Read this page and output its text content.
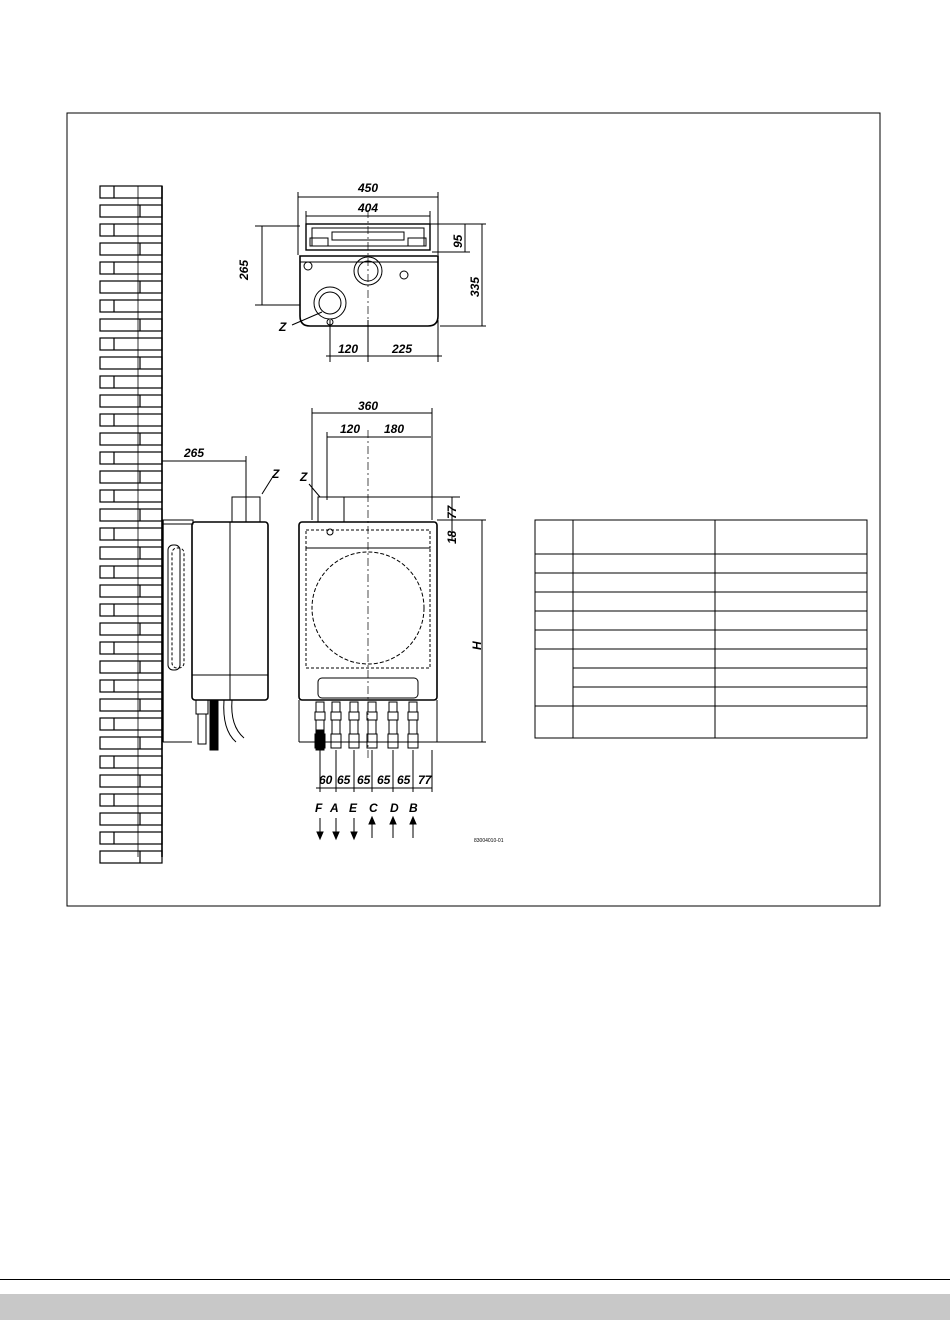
450
404
265
95
335
120	225
Z
265
Z
360
120 180
Z
77
18
H
60 65 65 65 65 77
F A E C D B
83004010-01
